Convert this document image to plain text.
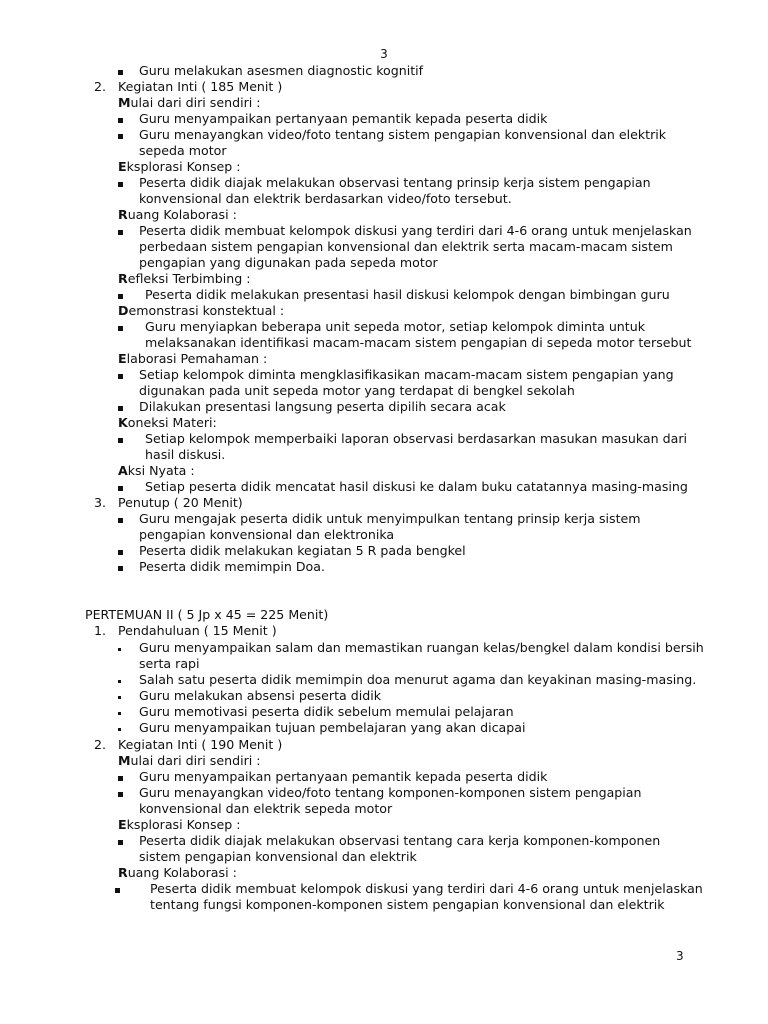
3
Guru melakukan asesmen diagnostic kognitif
2. Kegiatan Inti ( 185 Menit )
Mulai dari diri sendiri :
Guru menyampaikan pertanyaan pemantik kepada peserta didik
Guru menayangkan video/foto tentang sistem pengapian konvensional dan elektrik
sepeda motor
Eksplorasi Konsep :
Peserta didik diajak melakukan observasi tentang prinsip kerja sistem pengapian
konvensional dan elektrik berdasarkan video/foto tersebut.
Ruang Kolaborasi :
Peserta didik membuat kelompok diskusi yang terdiri dari 4-6 orang untuk menjelaskan
perbedaan sistem pengapian konvensional dan elektrik serta macam-macam sistem
pengapian yang digunakan pada sepeda motor
Refleksi Terbimbing :
Peserta didik melakukan presentasi hasil diskusi kelompok dengan bimbingan guru
Demonstrasi konstektual :
Guru menyiapkan beberapa unit sepeda motor, setiap kelompok diminta untuk
melaksanakan identifikasi macam-macam sistem pengapian di sepeda motor tersebut
Elaborasi Pemahaman :
Setiap kelompok diminta mengklasifikasikan macam-macam sistem pengapian yang
digunakan pada unit sepeda motor yang terdapat di bengkel sekolah
Dilakukan presentasi langsung peserta dipilih secara acak
Koneksi Materi:
Setiap kelompok memperbaiki laporan observasi berdasarkan masukan masukan dari
hasil diskusi.
Aksi Nyata :
Setiap peserta didik mencatat hasil diskusi ke dalam buku catatannya masing-masing
3. Penutup ( 20 Menit)
Guru mengajak peserta didik untuk menyimpulkan tentang prinsip kerja sistem
pengapian konvensional dan elektronika
Peserta didik melakukan kegiatan 5 R pada bengkel
Peserta didik memimpin Doa.
PERTEMUAN II ( 5 Jp x 45 = 225 Menit)
1. Pendahuluan ( 15 Menit )
Guru menyampaikan salam dan memastikan ruangan kelas/bengkel dalam kondisi bersih
serta rapi
Salah satu peserta didik memimpin doa menurut agama dan keyakinan masing-masing.
Guru melakukan absensi peserta didik
Guru memotivasi peserta didik sebelum memulai pelajaran
Guru menyampaikan tujuan pembelajaran yang akan dicapai
2. Kegiatan Inti ( 190 Menit )
Mulai dari diri sendiri :
Guru menyampaikan pertanyaan pemantik kepada peserta didik
Guru menayangkan video/foto tentang komponen-komponen sistem pengapian
konvensional dan elektrik sepeda motor
Eksplorasi Konsep :
Peserta didik diajak melakukan observasi tentang cara kerja komponen-komponen
sistem pengapian konvensional dan elektrik
Ruang Kolaborasi :
Peserta didik membuat kelompok diskusi yang terdiri dari 4-6 orang untuk menjelaskan
tentang fungsi komponen-komponen sistem pengapian konvensional dan elektrik
3
